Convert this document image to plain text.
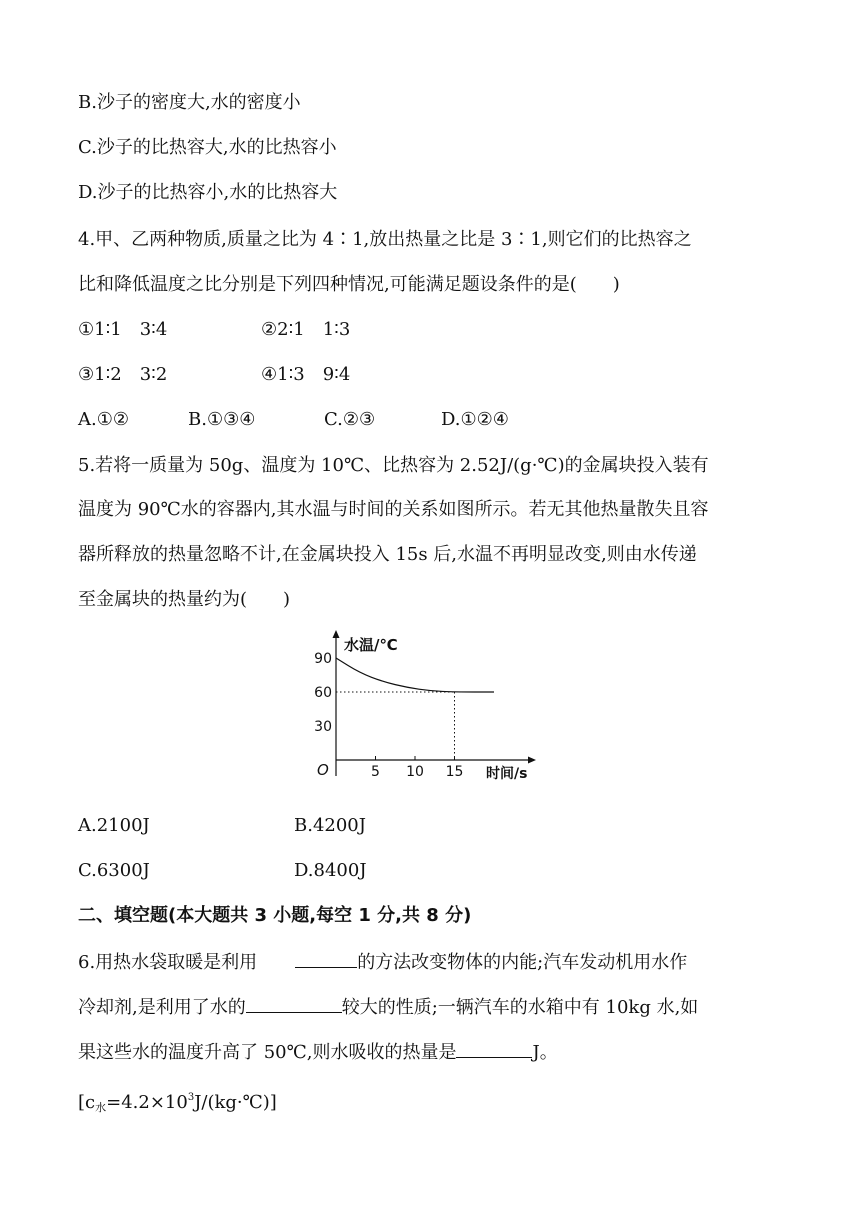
B.沙子的密度大,水的密度小
C.沙子的比热容大,水的比热容小
D.沙子的比热容小,水的比热容大
4.甲、乙两种物质,质量之比为 4∶1,放出热量之比是 3∶1,则它们的比热容之
比和降低温度之比分别是下列四种情况,可能满足题设条件的是(　　)
①1∶1　3∶4	②2∶1　1∶3
③1∶2　3∶2	④1∶3　9∶4
A.①②	B.①③④	C.②③	D.①②④
5.若将一质量为 50g、温度为 10℃、比热容为 2.52J/(g·℃)的金属块投入装有
温度为 90℃水的容器内,其水温与时间的关系如图所示。若无其他热量散失且容
器所释放的热量忽略不计,在金属块投入 15s 后,水温不再明显改变,则由水传递
至金属块的热量约为(　　)
水温/℃
时间/s
O	5 10 15
90
60
30
A.2100J	B.4200J
C.6300J	D.8400J
二、填空题(本大题共 3 小题,每空 1 分,共 8 分)
6.用热水袋取暖是利用	的方法改变物体的内能;汽车发动机用水作
冷却剂,是利用了水的	较大的性质;一辆汽车的水箱中有 10kg 水,如
果这些水的温度升高了 50℃,则水吸收的热量是	J。
$[c_水=4.2\times 10^3J/(kg\cdot℃)]$
